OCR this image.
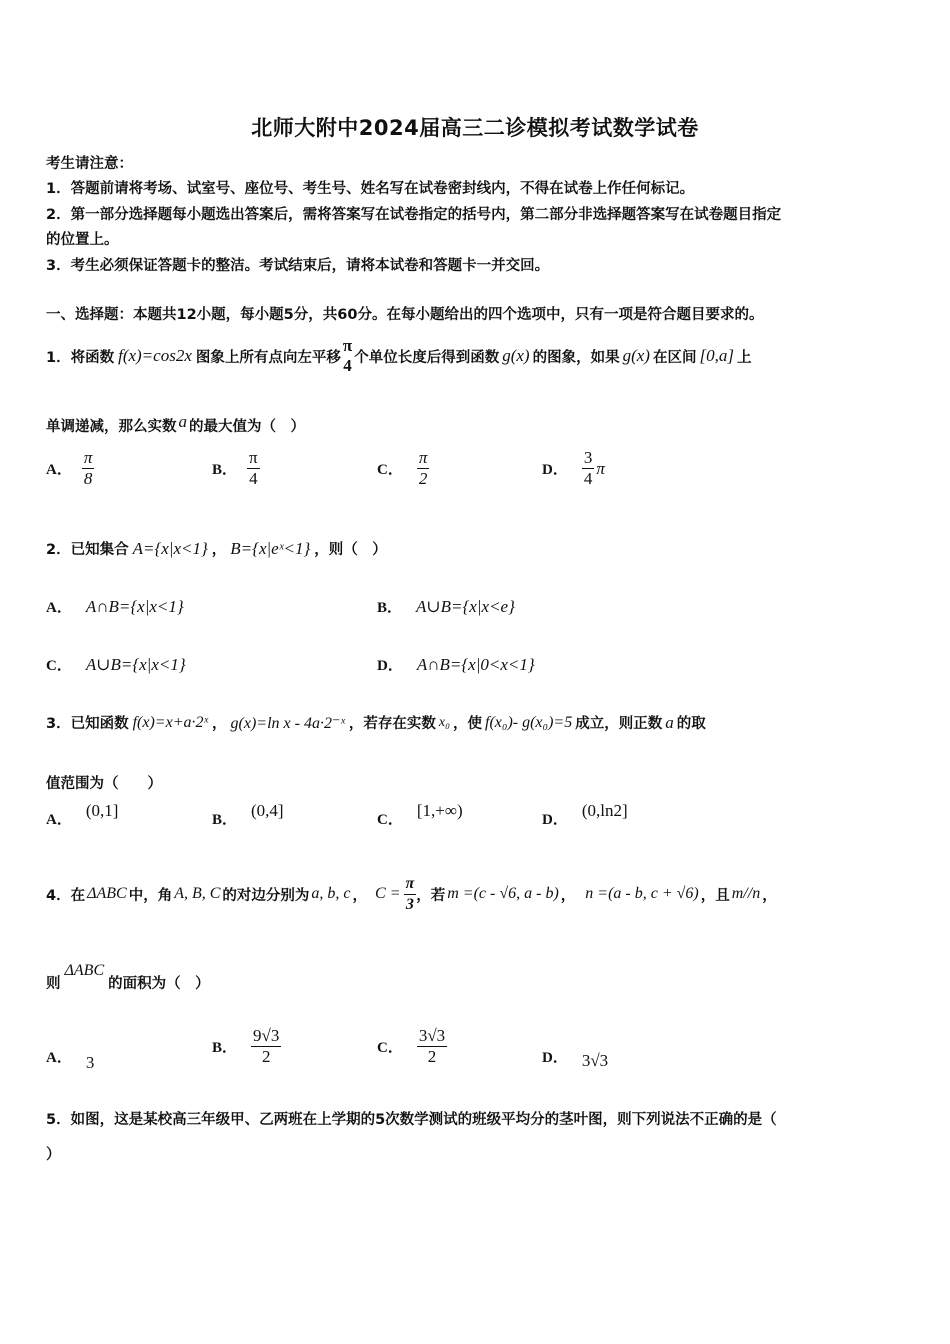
北师大附中2024届高三二诊模拟考试数学试卷
考生请注意：
1．答题前请将考场、试室号、座位号、考生号、姓名写在试卷密封线内，不得在试卷上作任何标记。
2．第一部分选择题每小题选出答案后，需将答案写在试卷指定的括号内，第二部分非选择题答案写在试卷题目指定
的位置上。
3．考生必须保证答题卡的整洁。考试结束后，请将本试卷和答题卡一并交回。
一、选择题：本题共12小题，每小题5分，共60分。在每小题给出的四个选项中，只有一项是符合题目要求的。
1．将函数 f(x)=cos2x 图象上所有点向左平移
π
4 个单位长度后得到函数 g(x) 的图象，如果 g(x) 在区间 [0,a] 上
单调递减，那么实数 a 的最大值为（　）
A． $\frac{\pi}{8}$	B． $\frac{\pi}{4}$	C． $\frac{\pi}{2}$	D． $\frac{3}{4}$ π
2．已知集合 A={x|x<1} ， B={x|eˣ<1} ，则（　）
A． A∩B={x|x<1}	B． A∪B={x|x<e}
C． A∪B={x|x<1}	D． A∩B={x|0<x<1}
3．已知函数 f(x)=x+a·2ˣ ， g(x)=ln x - 4a·2⁻ˣ ，若存在实数 x₀ ，使 f(x₀)- g(x₀)=5 成立，则正数 a 的取
值范围为（　　）
A．
(0,1]
B．
(0,4]
C．
[1,+∞)
D．
(0,ln2]
4．在 ΔABC 中，角 A, B, C 的对边分别为 a, b, c ， $C = \frac{\pi}{3}$ ，若 m =(c - √6, a - b) ， n =(a - b, c + √6) ，且 m//n ，
则
ΔABC
的面积为（　）
A． 3
B． $\frac{9√3}{2}$	C． $\frac{3√3}{2}$	D． 3√3
5．如图，这是某校高三年级甲、乙两班在上学期的5次数学测试的班级平均分的茎叶图，则下列说法不正确的是（
）
